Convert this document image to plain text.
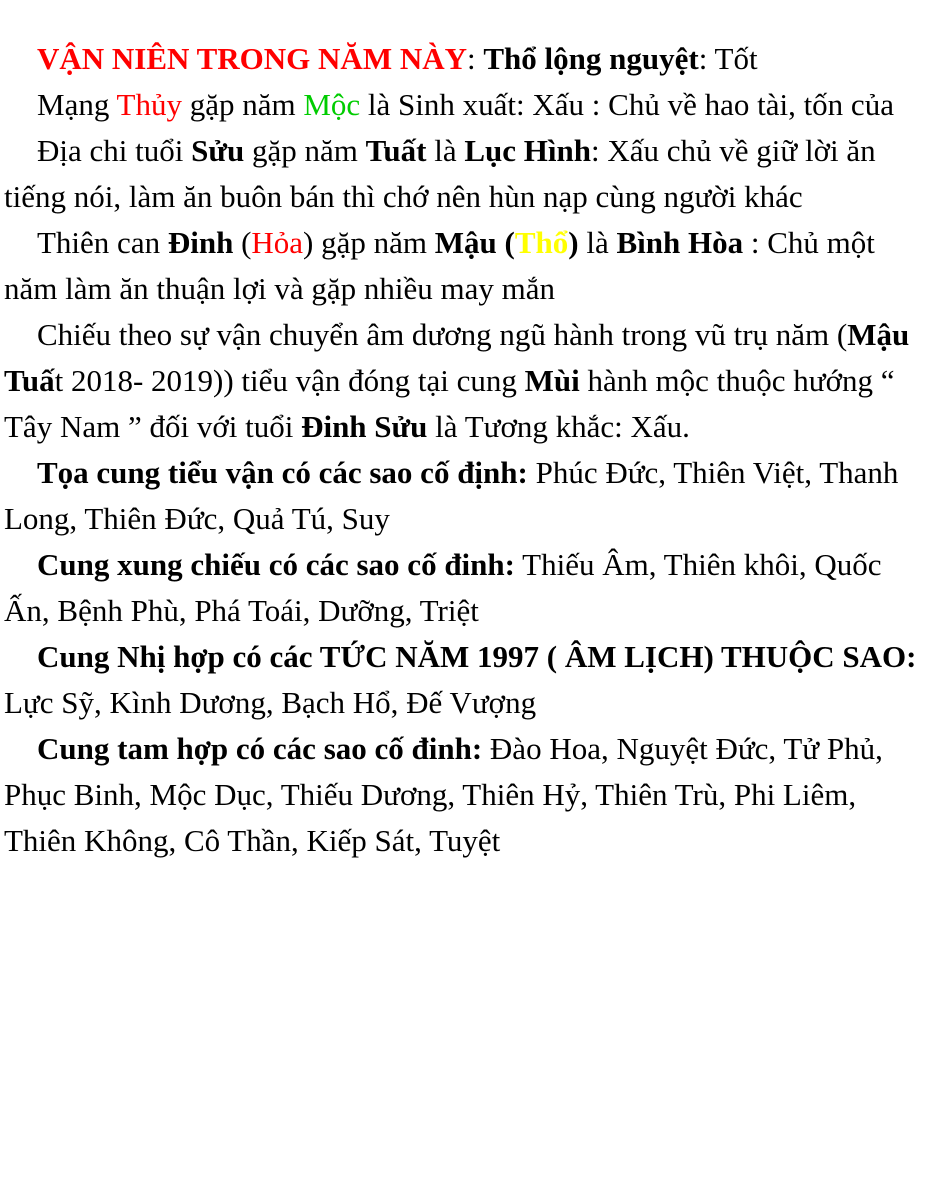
VẬN NIÊN TRONG NĂM NÀY: Thổ lộng nguyệt: Tốt

Mạng Thủy gặp năm Mộc là Sinh xuất: Xấu : Chủ về hao tài, tốn của

Địa chi tuổi Sửu gặp năm Tuất là Lục Hình: Xấu chủ về giữ lời ăn tiếng nói, làm ăn buôn bán thì chớ nên hùn nạp cùng người khác

Thiên can Đinh (Hỏa) gặp năm Mậu (Thổ) là Bình Hòa : Chủ một năm làm ăn thuận lợi và gặp nhiều may mắn

Chiếu theo sự vận chuyển âm dương ngũ hành trong vũ trụ năm (Mậu Tuất 2018- 2019)) tiểu vận đóng tại cung Mùi hành mộc thuộc hướng “ Tây Nam ” đối với tuổi Đinh Sửu là Tương khắc: Xấu.

Tọa cung tiểu vận có các sao cố định: Phúc Đức, Thiên Việt, Thanh Long, Thiên Đức, Quả Tú, Suy

Cung xung chiếu có các sao cố đinh: Thiếu Âm, Thiên khôi, Quốc Ấn, Bệnh Phù, Phá Toái, Dưỡng, Triệt

Cung Nhị hợp có các TỨC NĂM 1997 ( ÂM LỊCH) THUỘC SAO: Lực Sỹ, Kình Dương, Bạch Hổ, Đế Vượng

Cung tam hợp có các sao cố đinh: Đào Hoa, Nguyệt Đức, Tử Phủ, Phục Binh, Mộc Dục, Thiếu Dương, Thiên Hỷ, Thiên Trù, Phi Liêm, Thiên Không, Cô Thần, Kiếp Sát, Tuyệt
